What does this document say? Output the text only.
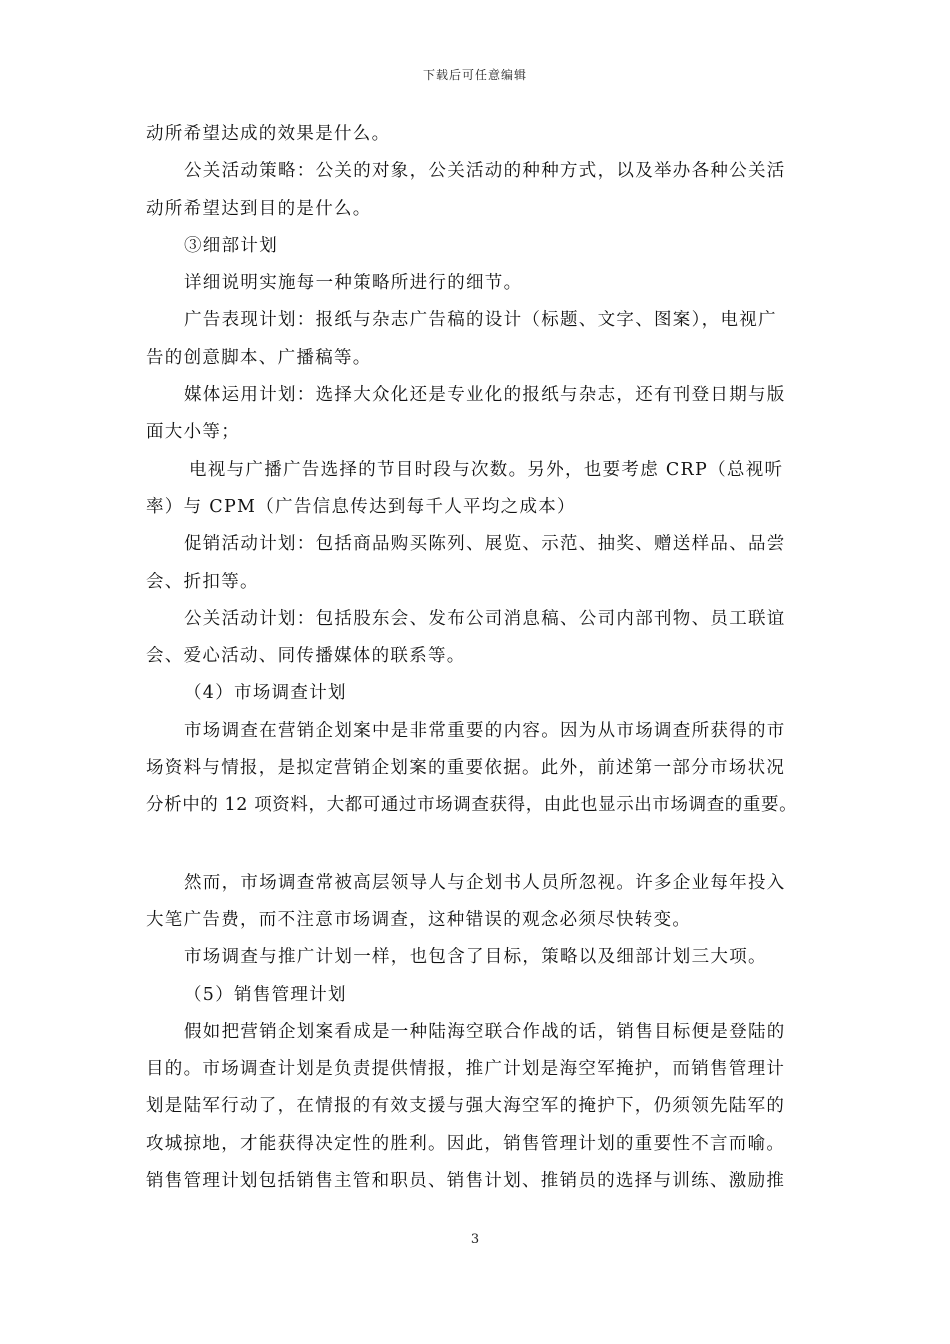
下载后可任意编辑
动所希望达成的效果是什么。
公关活动策略：公关的对象，公关活动的种种方式，以及举办各种公关活
动所希望达到目的是什么。
③细部计划
详细说明实施每一种策略所进行的细节。
广告表现计划：报纸与杂志广告稿的设计（标题、文字、图案），电视广
告的创意脚本、广播稿等。
媒体运用计划：选择大众化还是专业化的报纸与杂志，还有刊登日期与版
面大小等；
电视与广播广告选择的节目时段与次数。另外，也要考虑 CRP（总视听
率）与 CPM（广告信息传达到每千人平均之成本）
促销活动计划：包括商品购买陈列、展览、示范、抽奖、赠送样品、品尝
会、折扣等。
公关活动计划：包括股东会、发布公司消息稿、公司内部刊物、员工联谊
会、爱心活动、同传播媒体的联系等。
（4）市场调查计划
市场调查在营销企划案中是非常重要的内容。因为从市场调查所获得的市
场资料与情报，是拟定营销企划案的重要依据。此外，前述第一部分市场状况
分析中的 12 项资料，大都可通过市场调查获得，由此也显示出市场调查的重要。
然而，市场调查常被高层领导人与企划书人员所忽视。许多企业每年投入
大笔广告费，而不注意市场调查，这种错误的观念必须尽快转变。
市场调查与推广计划一样，也包含了目标，策略以及细部计划三大项。
（5）销售管理计划
假如把营销企划案看成是一种陆海空联合作战的话，销售目标便是登陆的
目的。市场调查计划是负责提供情报，推广计划是海空军掩护，而销售管理计
划是陆军行动了，在情报的有效支援与强大海空军的掩护下，仍须领先陆军的
攻城掠地，才能获得决定性的胜利。因此，销售管理计划的重要性不言而喻。
销售管理计划包括销售主管和职员、销售计划、推销员的选择与训练、激励推
3
